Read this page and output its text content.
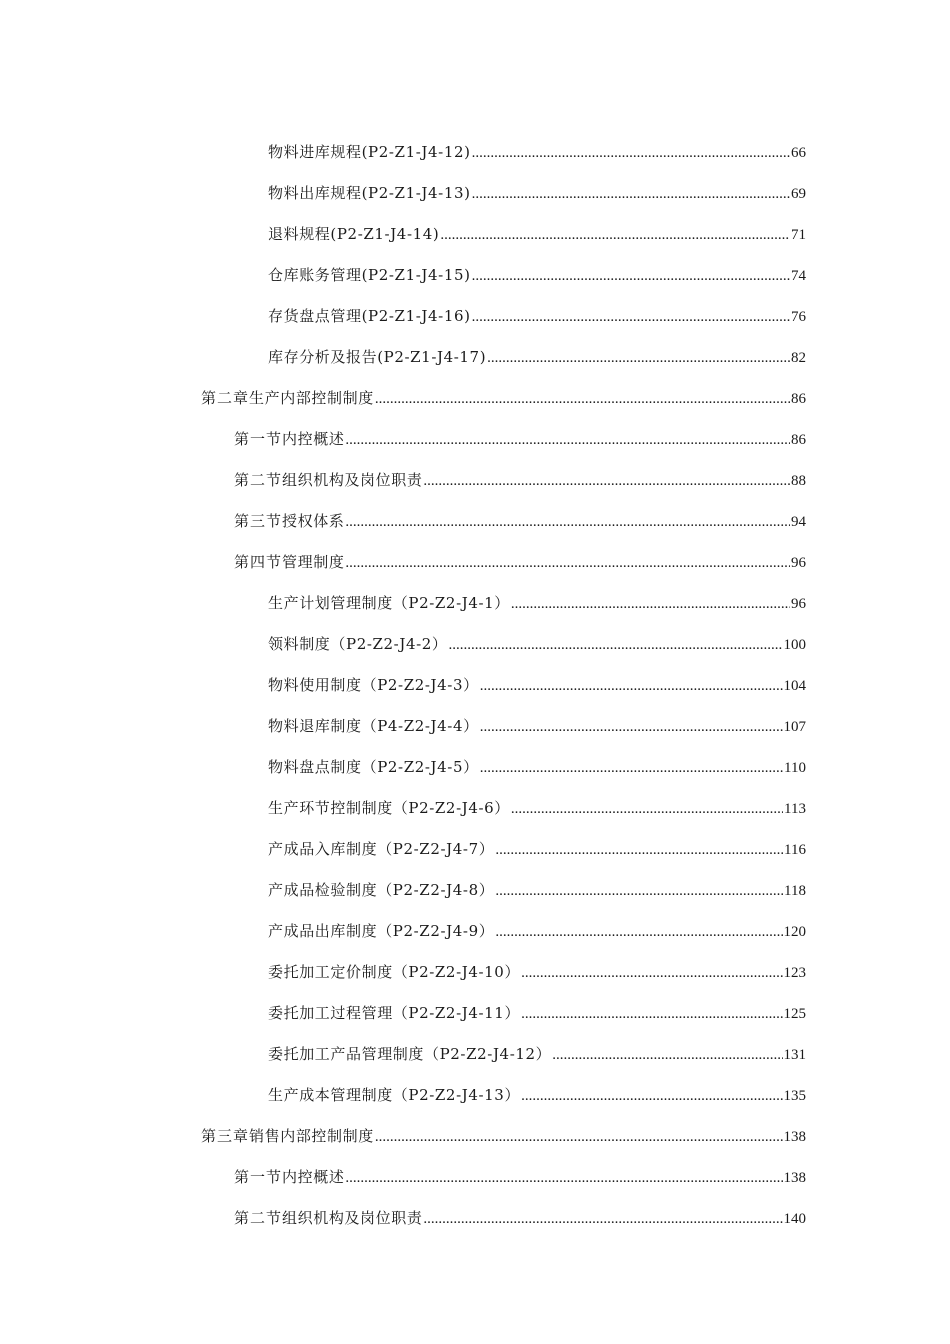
物料进库规程(P2-Z1-J4-12) .....	66
物料出库规程(P2-Z1-J4-13) .....	69
退料规程(P2-Z1-J4-14) .....	71
仓库账务管理(P2-Z1-J4-15) .....	74
存货盘点管理(P2-Z1-J4-16) .....	76
库存分析及报告(P2-Z1-J4-17) .....	82
第二章 生产内部控制制度 .....	86
第一节 内控概述 .....	86
第二节 组织机构及岗位职责 .....	88
第三节 授权体系 .....	94
第四节 管理制度 .....	96
生产计划管理制度（P2-Z2-J4-1） .....	96
领料制度（P2-Z2-J4-2） .....	100
物料使用制度（P2-Z2-J4-3） .....	104
物料退库制度（P4-Z2-J4-4） .....	107
物料盘点制度（P2-Z2-J4-5） .....	110
生产环节控制制度（P2-Z2-J4-6） .....	113
产成品入库制度（P2-Z2-J4-7） .....	116
产成品检验制度（P2-Z2-J4-8） .....	118
产成品出库制度（P2-Z2-J4-9） .....	120
委托加工定价制度（P2-Z2-J4-10） .....	123
委托加工过程管理（P2-Z2-J4-11） .....	125
委托加工产品管理制度（P2-Z2-J4-12） .....	131
生产成本管理制度（P2-Z2-J4-13） .....	135
第三章 销售内部控制制度 .....	138
第一节 内控概述 .....	138
第二节 组织机构及岗位职责 .....	140
